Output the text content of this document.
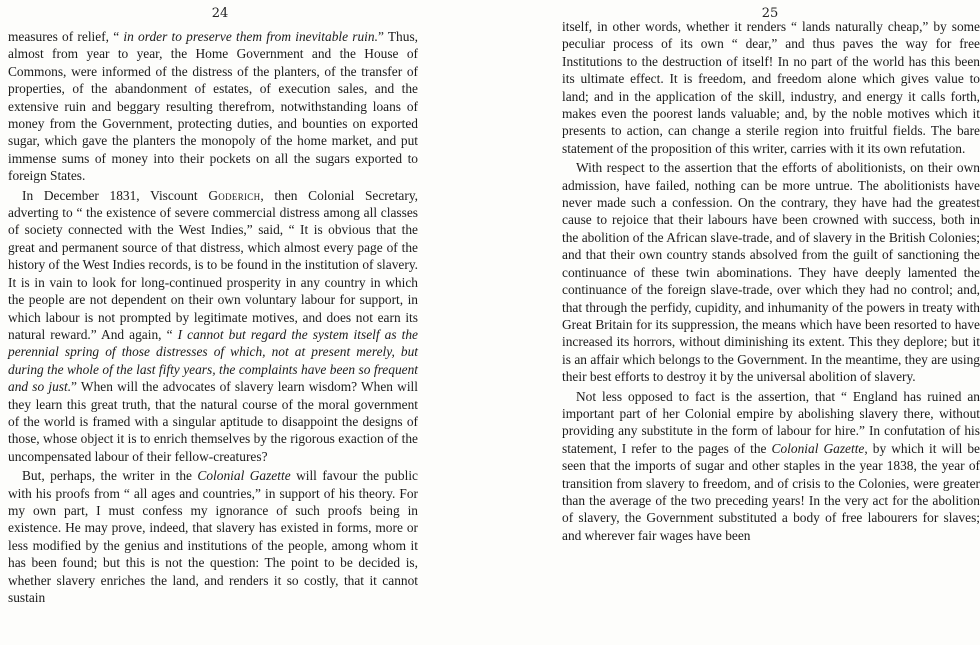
24

measures of relief, “ in order to preserve them from inevitable ruin.” Thus, almost from year to year, the Home Government and the House of Commons, were informed of the distress of the planters, of the transfer of properties, of the abandonment of estates, of execution sales, and the extensive ruin and beggary resulting therefrom, notwithstanding loans of money from the Government, protecting duties, and bounties on exported sugar, which gave the planters the monopoly of the home market, and put immense sums of money into their pockets on all the sugars exported to foreign States.

In December 1831, Viscount Goderich, then Colonial Secretary, adverting to “ the existence of severe commercial distress among all classes of society connected with the West Indies,” said, “ It is obvious that the great and permanent source of that distress, which almost every page of the history of the West Indies records, is to be found in the institution of slavery. It is in vain to look for long-continued prosperity in any country in which the people are not dependent on their own voluntary labour for support, in which labour is not prompted by legitimate motives, and does not earn its natural reward.” And again, “ I cannot but regard the system itself as the perennial spring of those distresses of which, not at present merely, but during the whole of the last fifty years, the complaints have been so frequent and so just.” When will the advocates of slavery learn wisdom? When will they learn this great truth, that the natural course of the moral government of the world is framed with a singular aptitude to disappoint the designs of those, whose object it is to enrich themselves by the rigorous exaction of the uncompensated labour of their fellow-creatures?

But, perhaps, the writer in the Colonial Gazette will favour the public with his proofs from “ all ages and countries,” in support of his theory. For my own part, I must confess my ignorance of such proofs being in existence. He may prove, indeed, that slavery has existed in forms, more or less modified by the genius and institutions of the people, among whom it has been found; but this is not the question: The point to be decided is, whether slavery enriches the land, and renders it so costly, that it cannot sustain

25

itself, in other words, whether it renders “ lands naturally cheap,” by some peculiar process of its own “ dear,” and thus paves the way for free Institutions to the destruction of itself! In no part of the world has this been its ultimate effect. It is freedom, and freedom alone which gives value to land; and in the application of the skill, industry, and energy it calls forth, makes even the poorest lands valuable; and, by the noble motives which it presents to action, can change a sterile region into fruitful fields. The bare statement of the proposition of this writer, carries with it its own refutation.

With respect to the assertion that the efforts of abolitionists, on their own admission, have failed, nothing can be more untrue. The abolitionists have never made such a confession. On the contrary, they have had the greatest cause to rejoice that their labours have been crowned with success, both in the abolition of the African slave-trade, and of slavery in the British Colonies; and that their own country stands absolved from the guilt of sanctioning the continuance of these twin abominations. They have deeply lamented the continuance of the foreign slave-trade, over which they had no control; and, that through the perfidy, cupidity, and inhumanity of the powers in treaty with Great Britain for its suppression, the means which have been resorted to have increased its horrors, without diminishing its extent. This they deplore; but it is an affair which belongs to the Government. In the meantime, they are using their best efforts to destroy it by the universal abolition of slavery.

Not less opposed to fact is the assertion, that “ England has ruined an important part of her Colonial empire by abolishing slavery there, without providing any substitute in the form of labour for hire.” In confutation of his statement, I refer to the pages of the Colonial Gazette, by which it will be seen that the imports of sugar and other staples in the year 1838, the year of transition from slavery to freedom, and of crisis to the Colonies, were greater than the average of the two preceding years! In the very act for the abolition of slavery, the Government substituted a body of free labourers for slaves; and wherever fair wages have been
